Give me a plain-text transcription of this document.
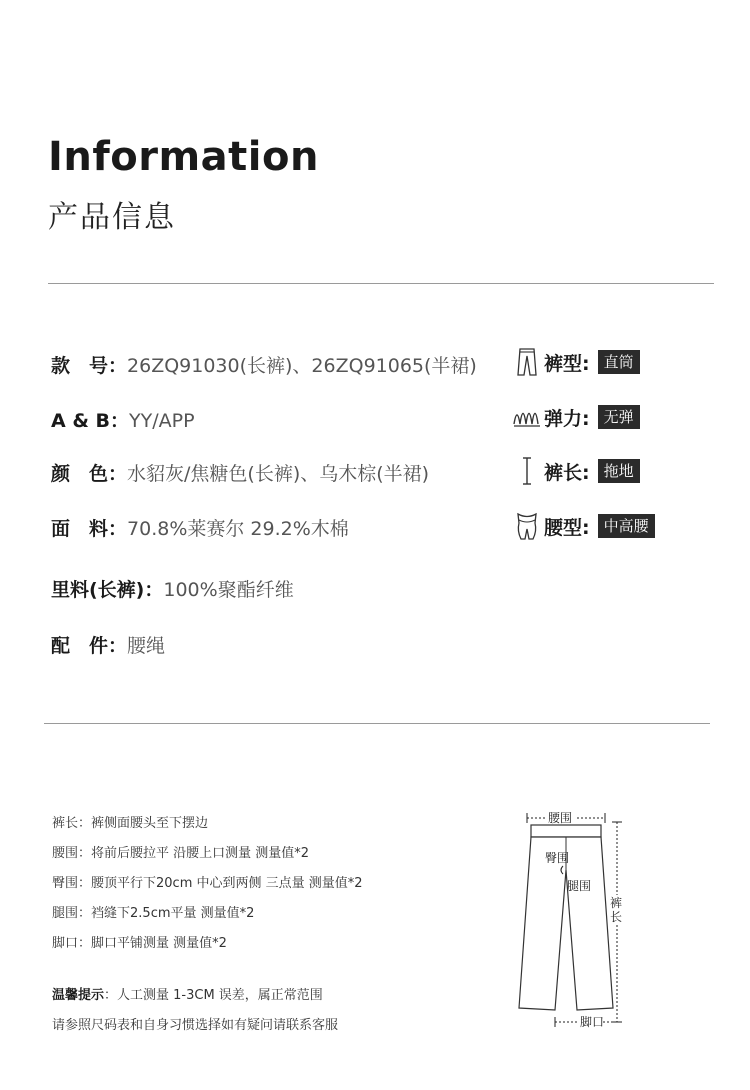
Information
产品信息
款　号：26ZQ91030(长裤)、26ZQ91065(半裙)
A & B：YY/APP
颜　色：水貂灰/焦糖色(长裤)、乌木棕(半裙)
面　料：70.8%莱赛尔 29.2%木棉
里料(长裤)：100%聚酯纤维
配　件：腰绳
裤型: 直筒
弹力: 无弹
裤长: 拖地
腰型: 中高腰
裤长：裤侧面腰头至下摆边
腰围：将前后腰拉平 沿腰上口测量 测量值*2
臀围：腰顶平行下20cm 中心到两侧 三点量 测量值*2
腿围：裆缝下2.5cm平量 测量值*2
脚口：脚口平铺测量 测量值*2
温馨提示：人工测量 1-3CM 误差，属正常范围
请参照尺码表和自身习惯选择如有疑问请联系客服
腰围
臀围
腿围
裤
长
脚口
